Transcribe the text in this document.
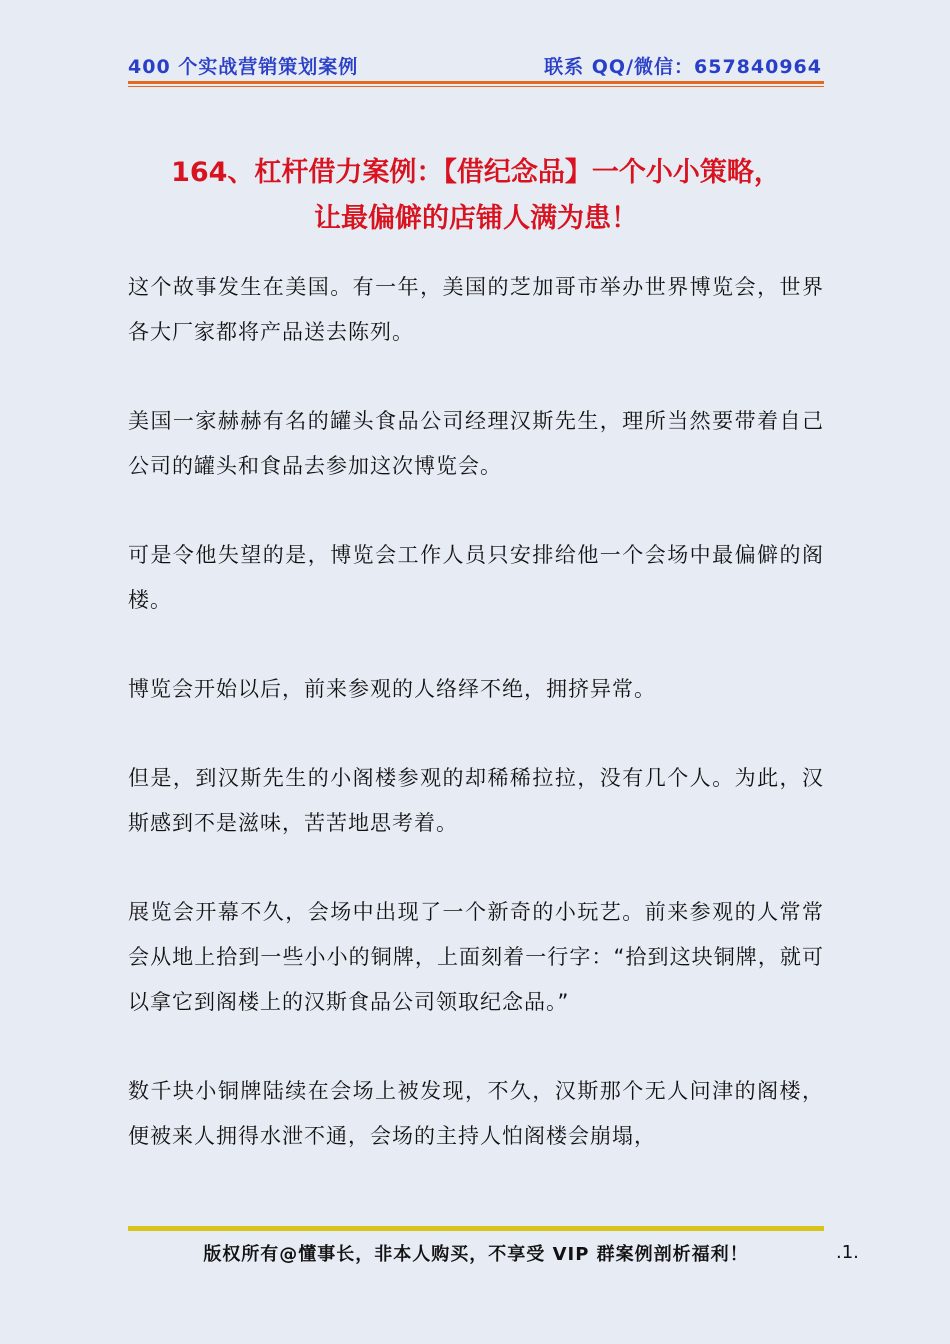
400 个实战营销策划案例	联系 QQ/微信：657840964
164、杠杆借力案例：【借纪念品】一个小小策略，
让最偏僻的店铺人满为患！

这个故事发生在美国。有一年，美国的芝加哥市举办世界博览会，世界各大厂家都将产品送去陈列。

美国一家赫赫有名的罐头食品公司经理汉斯先生，理所当然要带着自己公司的罐头和食品去参加这次博览会。

可是令他失望的是，博览会工作人员只安排给他一个会场中最偏僻的阁楼。

博览会开始以后，前来参观的人络绎不绝，拥挤异常。

但是，到汉斯先生的小阁楼参观的却稀稀拉拉，没有几个人。为此，汉斯感到不是滋味，苦苦地思考着。

展览会开幕不久，会场中出现了一个新奇的小玩艺。前来参观的人常常会从地上拾到一些小小的铜牌，上面刻着一行字：“拾到这块铜牌，就可以拿它到阁楼上的汉斯食品公司领取纪念品。”

数千块小铜牌陆续在会场上被发现，不久，汉斯那个无人问津的阁楼，便被来人拥得水泄不通，会场的主持人怕阁楼会崩塌，

版权所有@懂事长，非本人购买，不享受 VIP 群案例剖析福利！	.1.
